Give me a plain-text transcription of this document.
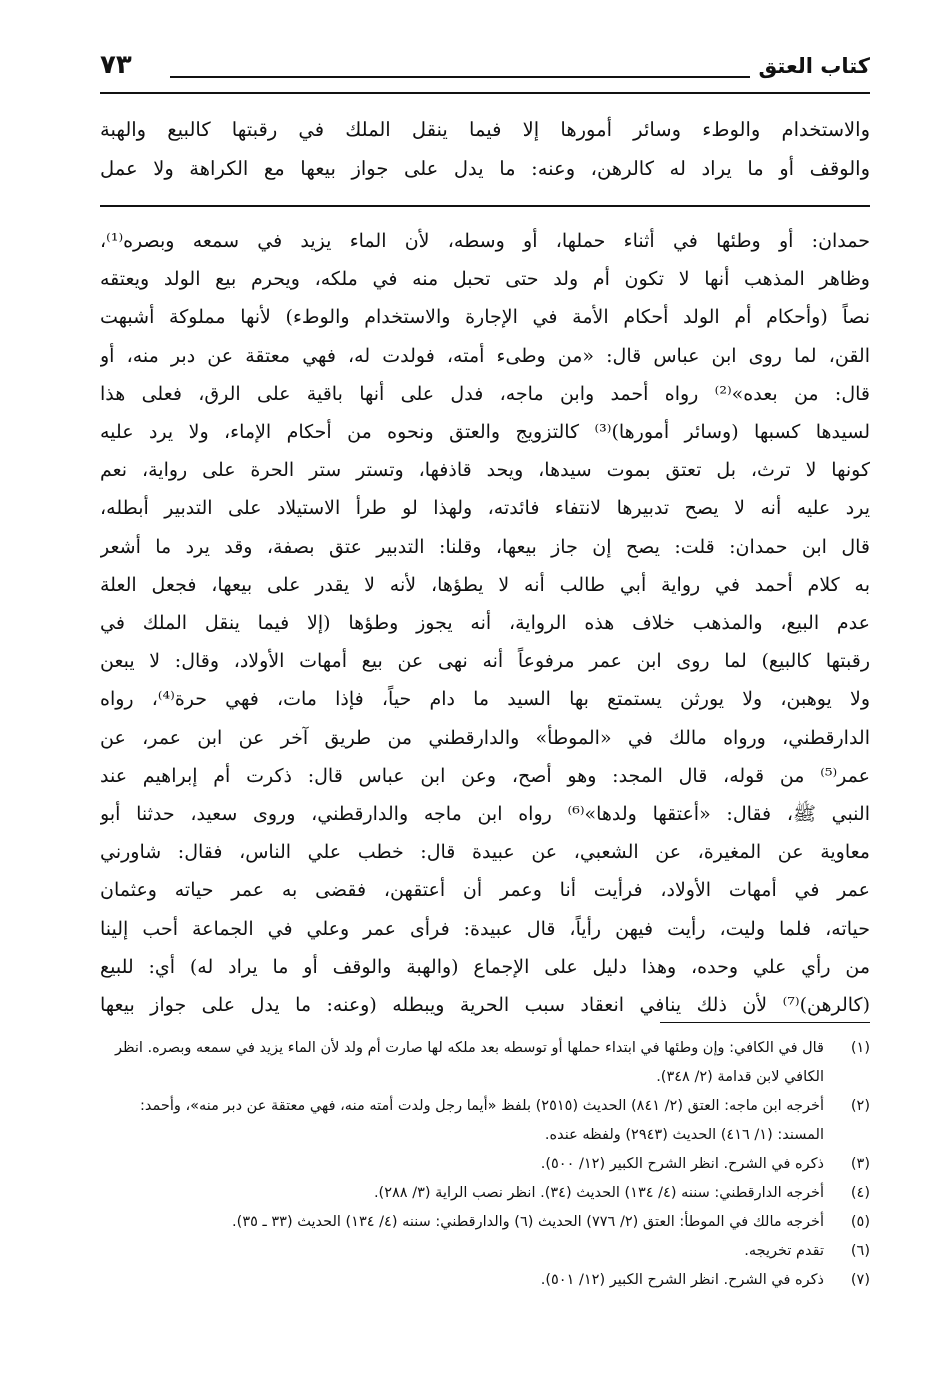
كتاب العتق
٧٣

والاستخدام والوطء وسائر أمورها إلا فيما ينقل الملك في رقبتها كالبيع والهبة

والوقف أو ما يراد له كالرهن، وعنه: ما يدل على جواز بيعها مع الكراهة ولا عمل

حمدان: أو وطئها في أثناء حملها، أو وسطه، لأن الماء يزيد في سمعه وبصره⁽¹⁾،

وظاهر المذهب أنها لا تكون أم ولد حتى تحبل منه في ملكه، ويحرم بيع الولد ويعتقه

نصاً (وأحكام أم الولد أحكام الأمة في الإجارة والاستخدام والوطء) لأنها مملوكة أشبهت

القن، لما روى ابن عباس قال: «من وطىء أمته، فولدت له، فهي معتقة عن دبر منه، أو

قال: من بعده»⁽²⁾ رواه أحمد وابن ماجه، فدل على أنها باقية على الرق، فعلى هذا

لسيدها كسبها (وسائر أمورها)⁽³⁾ كالتزويج والعتق ونحوه من أحكام الإماء، ولا يرد عليه

كونها لا ترث، بل تعتق بموت سيدها، ويحد قاذفها، وتستر ستر الحرة على رواية، نعم

يرد عليه أنه لا يصح تدبيرها لانتفاء فائدته، ولهذا لو طرأ الاستيلاد على التدبير أبطله،

قال ابن حمدان: قلت: يصح إن جاز بيعها، وقلنا: التدبير عتق بصفة، وقد يرد ما أشعر

به كلام أحمد في رواية أبي طالب أنه لا يطؤها، لأنه لا يقدر على بيعها، فجعل العلة

عدم البيع، والمذهب خلاف هذه الرواية، أنه يجوز وطؤها (إلا فيما ينقل الملك في

رقبتها كالبيع) لما روى ابن عمر مرفوعاً أنه نهى عن بيع أمهات الأولاد، وقال: لا يبعن

ولا يوهبن، ولا يورثن يستمتع بها السيد ما دام حياً، فإذا مات، فهي حرة⁽⁴⁾، رواه

الدارقطني، ورواه مالك في «الموطأ» والدارقطني من طريق آخر عن ابن عمر، عن

عمر⁽⁵⁾ من قوله، قال المجد: وهو أصح، وعن ابن عباس قال: ذكرت أم إبراهيم عند

النبي ﷺ، فقال: «أعتقها ولدها»⁽⁶⁾ رواه ابن ماجه والدارقطني، وروى سعيد، حدثنا أبو

معاوية عن المغيرة، عن الشعبي، عن عبيدة قال: خطب علي الناس، فقال: شاورني

عمر في أمهات الأولاد، فرأيت أنا وعمر أن أعتقهن، فقضى به عمر حياته وعثمان

حياته، فلما وليت، رأيت فيهن رأياً، قال عبيدة: فرأى عمر وعلي في الجماعة أحب إلينا

من رأي علي وحده، وهذا دليل على الإجماع (والهبة والوقف أو ما يراد له) أي: للبيع

(كالرهن)⁽⁷⁾ لأن ذلك ينافي انعقاد سبب الحرية ويبطله (وعنه: ما يدل على جواز بيعها

(١)
قال في الكافي: وإن وطئها في ابتداء حملها أو توسطه بعد ملكه لها صارت أم ولد لأن الماء يزيد في سمعه وبصره. انظر الكافي لابن قدامة (٢/ ٣٤٨).

(٢)
أخرجه ابن ماجه: العتق (٢/ ٨٤١) الحديث (٢٥١٥) بلفظ «أيما رجل ولدت أمته منه، فهي معتقة عن دبر منه»، وأحمد: المسند: (١/ ٤١٦) الحديث (٢٩٤٣) ولفظه عنده.

(٣)
ذكره في الشرح. انظر الشرح الكبير (١٢/ ٥٠٠).

(٤)
أخرجه الدارقطني: سننه (٤/ ١٣٤) الحديث (٣٤). انظر نصب الراية (٣/ ٢٨٨).

(٥)
أخرجه مالك في الموطأ: العتق (٢/ ٧٧٦) الحديث (٦) والدارقطني: سننه (٤/ ١٣٤) الحديث (٣٣ ـ ٣٥).

(٦)
تقدم تخريجه.

(٧)
ذكره في الشرح. انظر الشرح الكبير (١٢/ ٥٠١).
